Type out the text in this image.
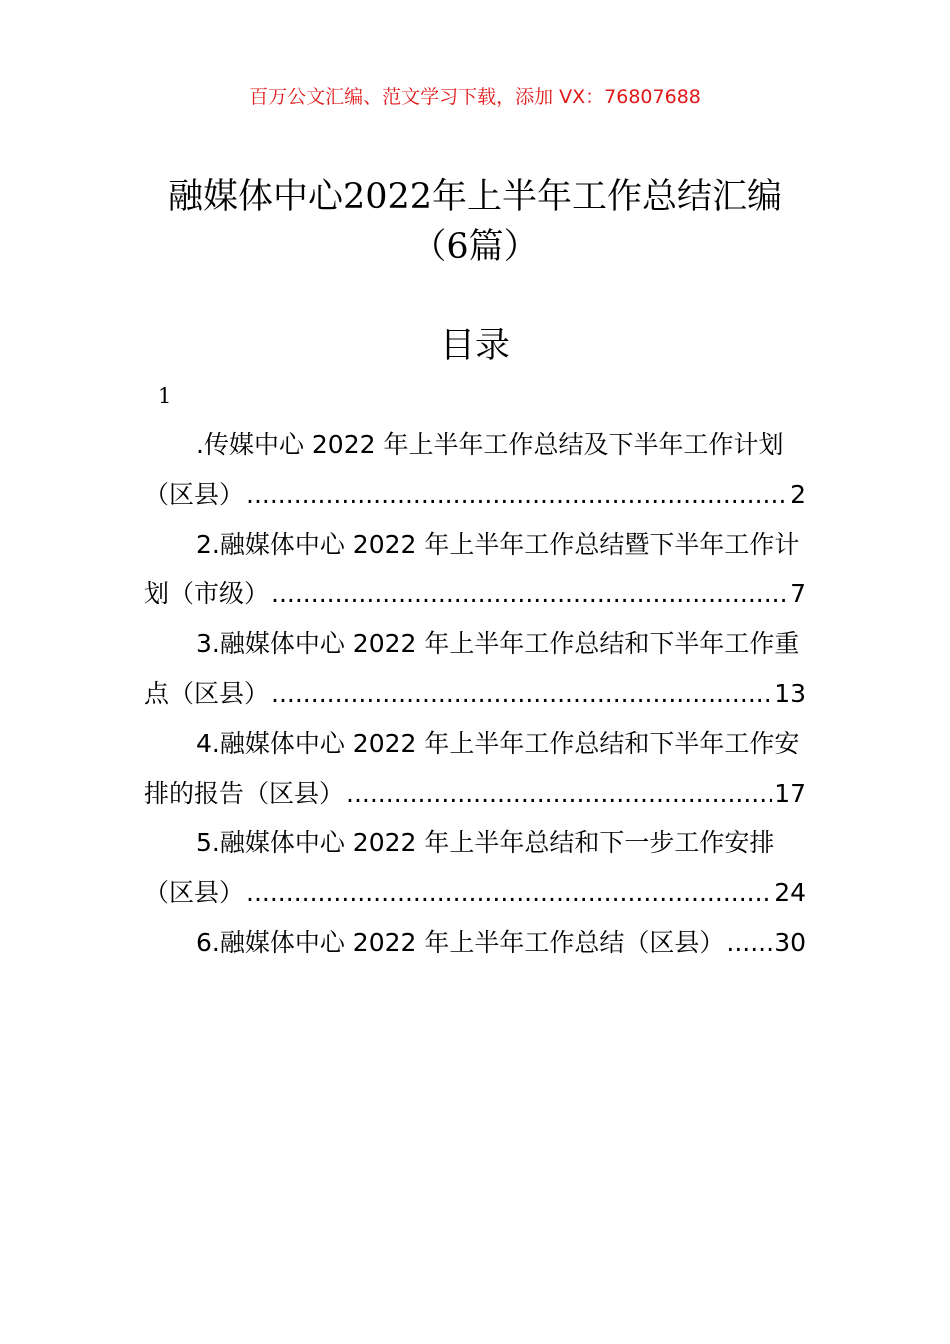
百万公文汇编、范文学习下载，添加 VX：76807688
融媒体中心2022年上半年工作总结汇编
（6篇）
目录
1
.传媒中心 2022 年上半年工作总结及下半年工作计划
（区县） .....	2
2.融媒体中心 2022 年上半年工作总结暨下半年工作计
划（市级） .....	7
3.融媒体中心 2022 年上半年工作总结和下半年工作重
点（区县） .....	13
4.融媒体中心 2022 年上半年工作总结和下半年工作安
排的报告（区县） .....	17
5.融媒体中心 2022 年上半年总结和下一步工作安排
（区县） .....	24
6.融媒体中心 2022 年上半年工作总结（区县） ..... 30
